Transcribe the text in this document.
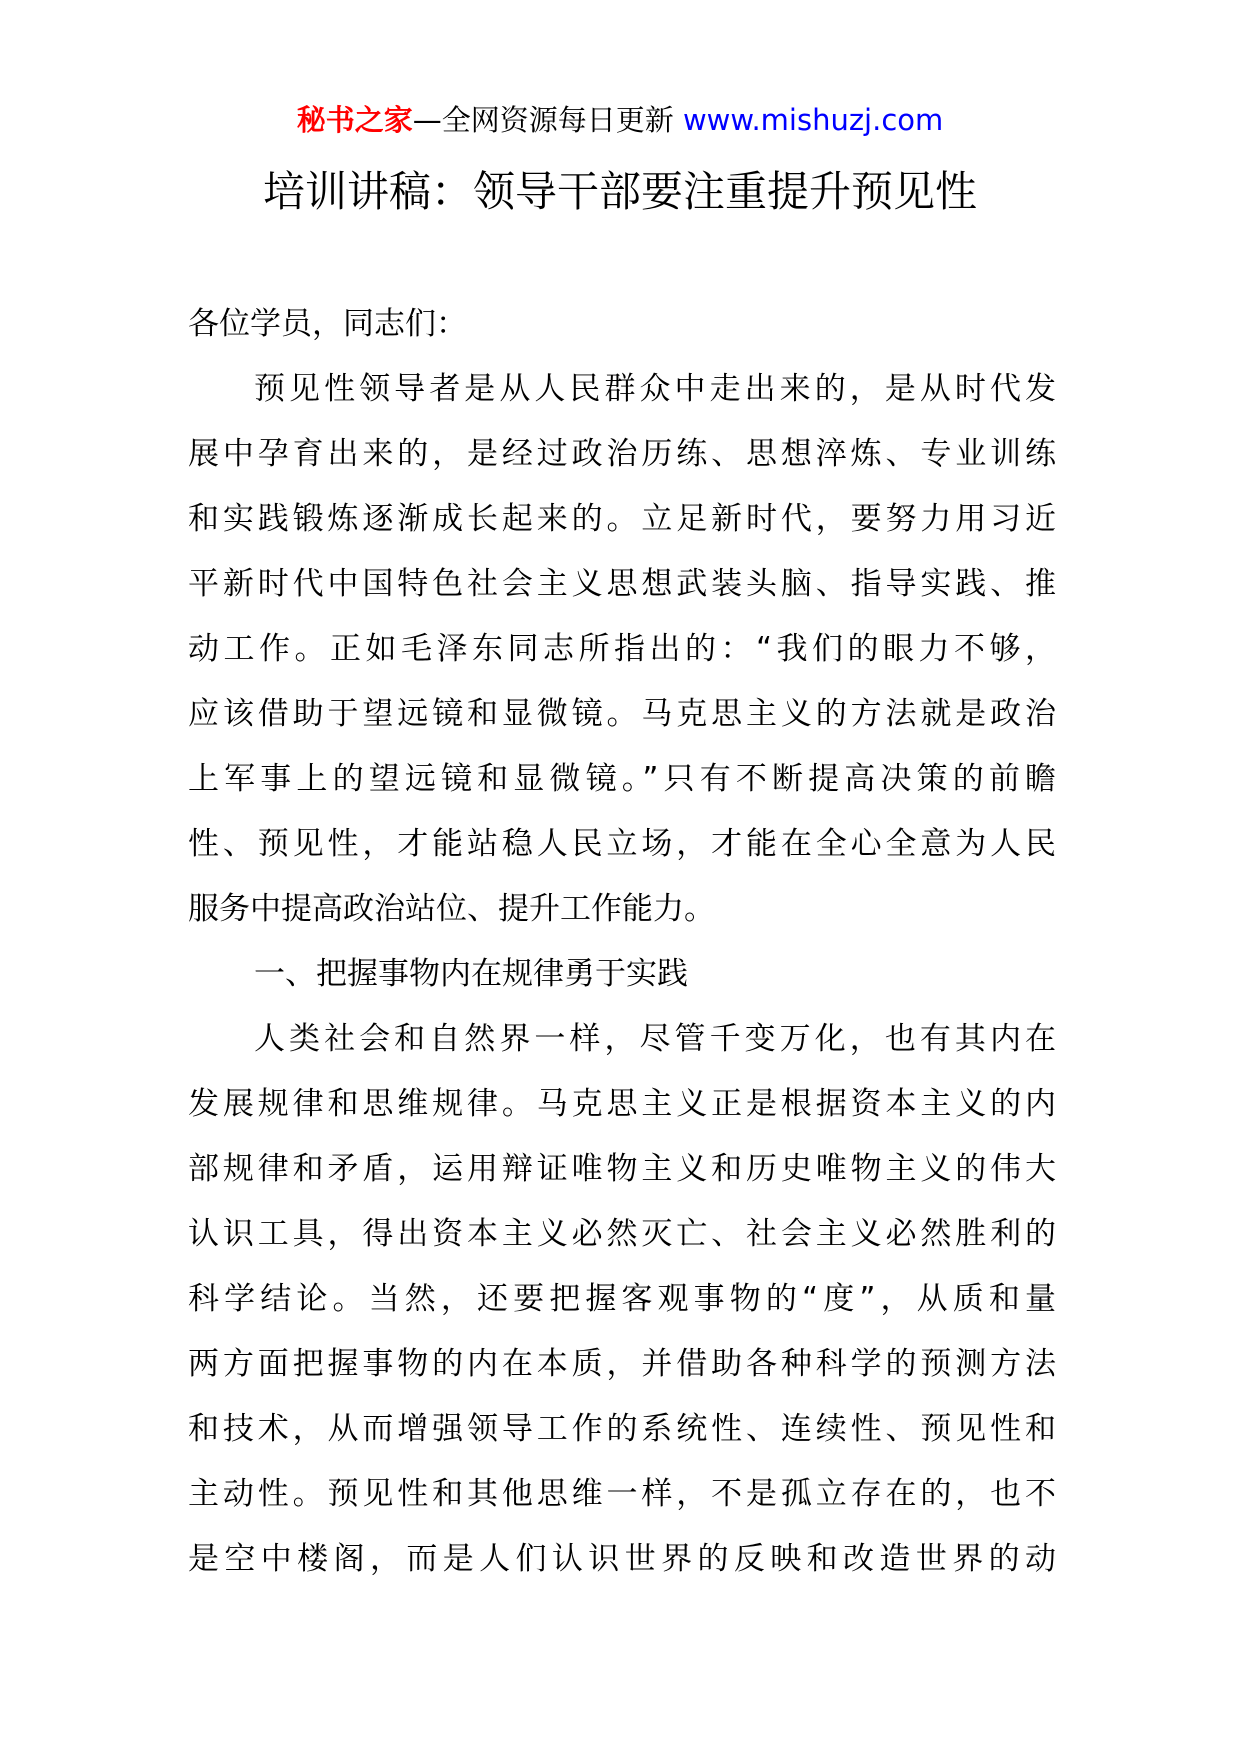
秘书之家—全网资源每日更新 www.mishuzj.com
培训讲稿：领导干部要注重提升预见性
各位学员，同志们：
预见性领导者是从人民群众中走出来的，是从时代发
展中孕育出来的，是经过政治历练、思想淬炼、专业训练
和实践锻炼逐渐成长起来的。立足新时代，要努力用习近
平新时代中国特色社会主义思想武装头脑、指导实践、推
动工作。正如毛泽东同志所指出的：“我们的眼力不够，
应该借助于望远镜和显微镜。马克思主义的方法就是政治
上军事上的望远镜和显微镜。”只有不断提高决策的前瞻
性、预见性，才能站稳人民立场，才能在全心全意为人民
服务中提高政治站位、提升工作能力。
一、把握事物内在规律勇于实践
人类社会和自然界一样，尽管千变万化，也有其内在
发展规律和思维规律。马克思主义正是根据资本主义的内
部规律和矛盾，运用辩证唯物主义和历史唯物主义的伟大
认识工具，得出资本主义必然灭亡、社会主义必然胜利的
科学结论。当然，还要把握客观事物的“度”，从质和量
两方面把握事物的内在本质，并借助各种科学的预测方法
和技术，从而增强领导工作的系统性、连续性、预见性和
主动性。预见性和其他思维一样，不是孤立存在的，也不
是空中楼阁，而是人们认识世界的反映和改造世界的动
